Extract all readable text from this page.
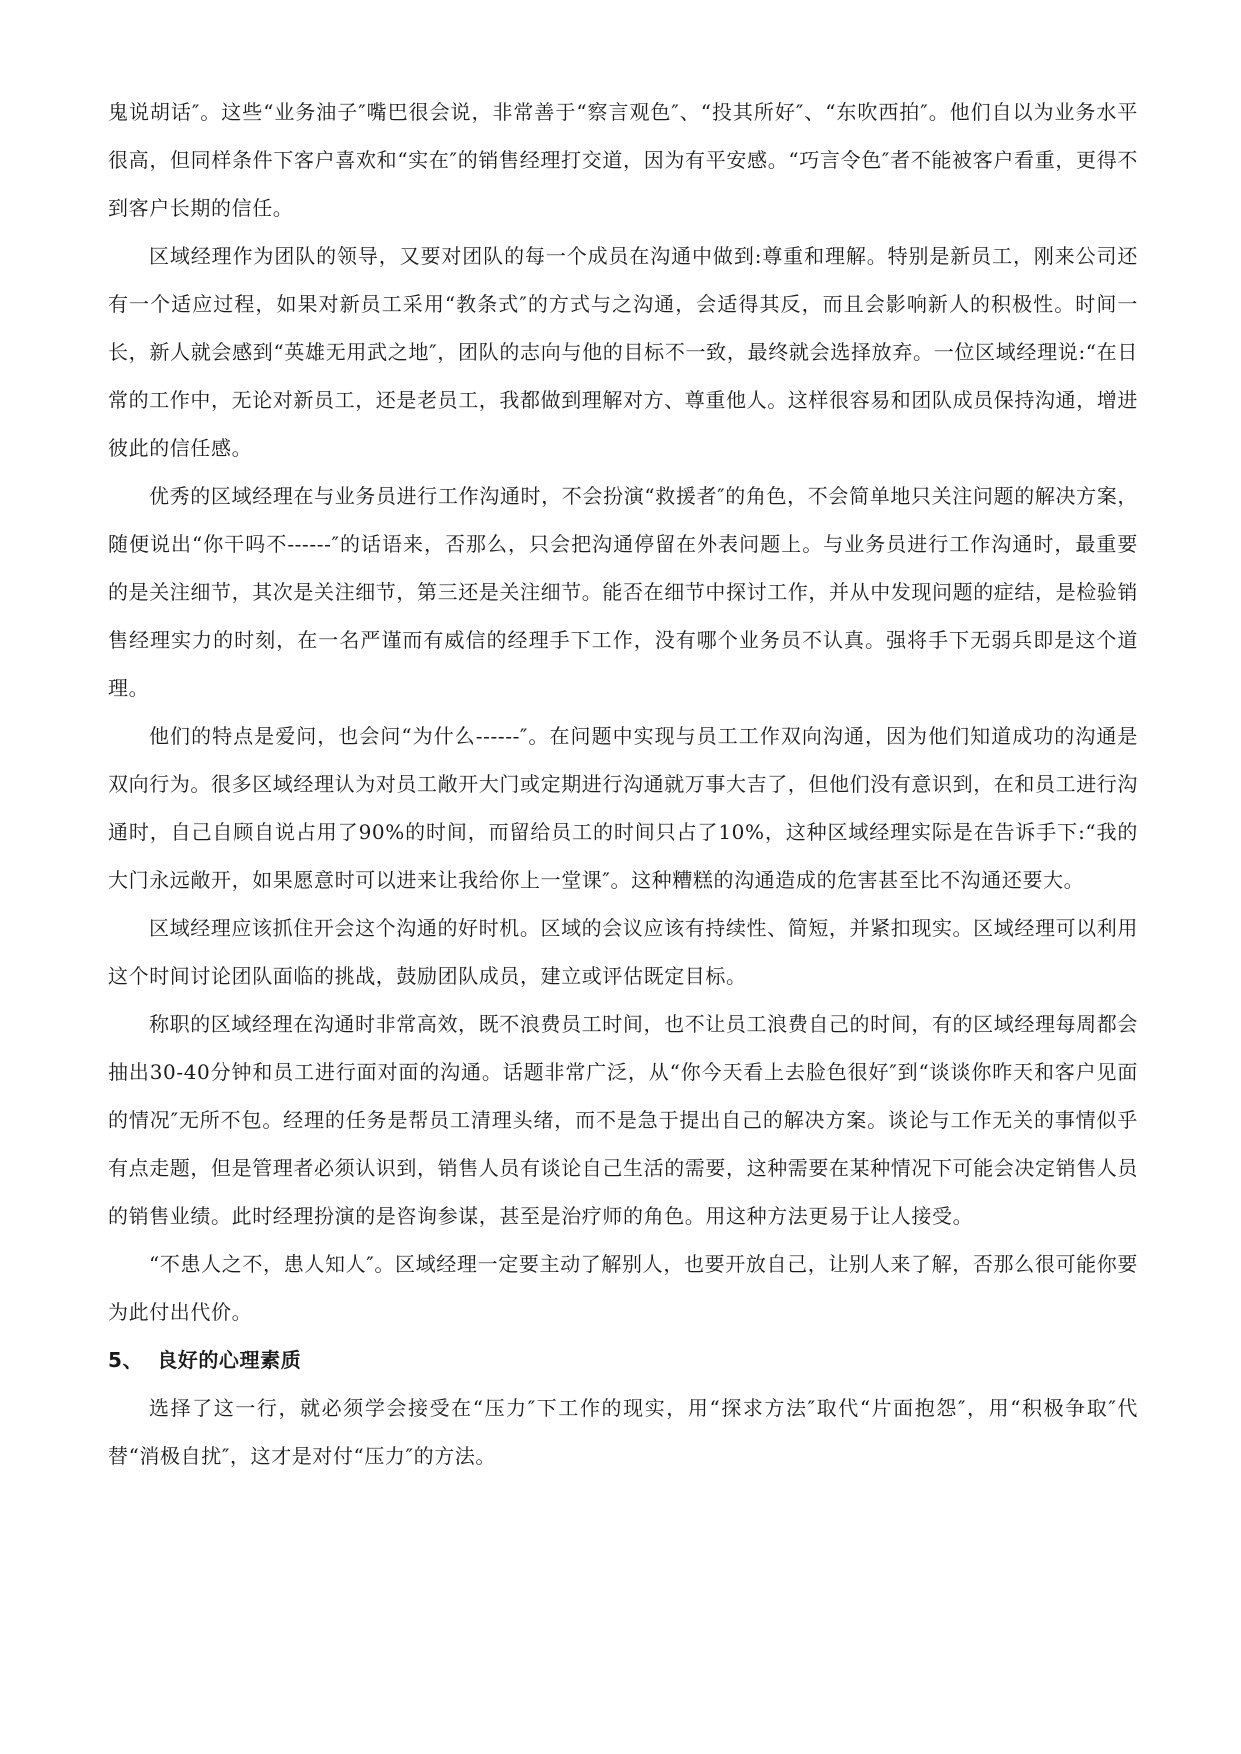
鬼说胡话″。这些“业务油子″嘴巴很会说，非常善于“察言观色″、“投其所好″、“东吹西拍″。他们自以为业务水平很高，但同样条件下客户喜欢和“实在″的销售经理打交道，因为有平安感。“巧言令色″者不能被客户看重，更得不到客户长期的信任。

区域经理作为团队的领导，又要对团队的每一个成员在沟通中做到:尊重和理解。特别是新员工，刚来公司还有一个适应过程，如果对新员工采用“教条式″的方式与之沟通，会适得其反，而且会影响新人的积极性。时间一长，新人就会感到“英雄无用武之地″，团队的志向与他的目标不一致，最终就会选择放弃。一位区域经理说:“在日常的工作中，无论对新员工，还是老员工，我都做到理解对方、尊重他人。这样很容易和团队成员保持沟通，增进彼此的信任感。

优秀的区域经理在与业务员进行工作沟通时，不会扮演“救援者″的角色，不会简单地只关注问题的解决方案，随便说出“你干吗不------″的话语来，否那么，只会把沟通停留在外表问题上。与业务员进行工作沟通时，最重要的是关注细节，其次是关注细节，第三还是关注细节。能否在细节中探讨工作，并从中发现问题的症结，是检验销售经理实力的时刻，在一名严谨而有威信的经理手下工作，没有哪个业务员不认真。强将手下无弱兵即是这个道理。

他们的特点是爱问，也会问“为什么------″。在问题中实现与员工工作双向沟通，因为他们知道成功的沟通是双向行为。很多区域经理认为对员工敞开大门或定期进行沟通就万事大吉了，但他们没有意识到，在和员工进行沟通时，自己自顾自说占用了90%的时间，而留给员工的时间只占了10%，这种区域经理实际是在告诉手下:“我的大门永远敞开，如果愿意时可以进来让我给你上一堂课″。这种糟糕的沟通造成的危害甚至比不沟通还要大。

区域经理应该抓住开会这个沟通的好时机。区域的会议应该有持续性、简短，并紧扣现实。区域经理可以利用这个时间讨论团队面临的挑战，鼓励团队成员，建立或评估既定目标。

称职的区域经理在沟通时非常高效，既不浪费员工时间，也不让员工浪费自己的时间，有的区域经理每周都会抽出30-40分钟和员工进行面对面的沟通。话题非常广泛，从“你今天看上去脸色很好″到“谈谈你昨天和客户见面的情况″无所不包。经理的任务是帮员工清理头绪，而不是急于提出自己的解决方案。谈论与工作无关的事情似乎有点走题，但是管理者必须认识到，销售人员有谈论自己生活的需要，这种需要在某种情况下可能会决定销售人员的销售业绩。此时经理扮演的是咨询参谋，甚至是治疗师的角色。用这种方法更易于让人接受。

“不患人之不，患人知人″。区域经理一定要主动了解别人，也要开放自己，让别人来了解，否那么很可能你要为此付出代价。

5、 良好的心理素质

选择了这一行，就必须学会接受在“压力″下工作的现实，用“探求方法″取代“片面抱怨″，用“积极争取″代替“消极自扰″，这才是对付“压力″的方法。
